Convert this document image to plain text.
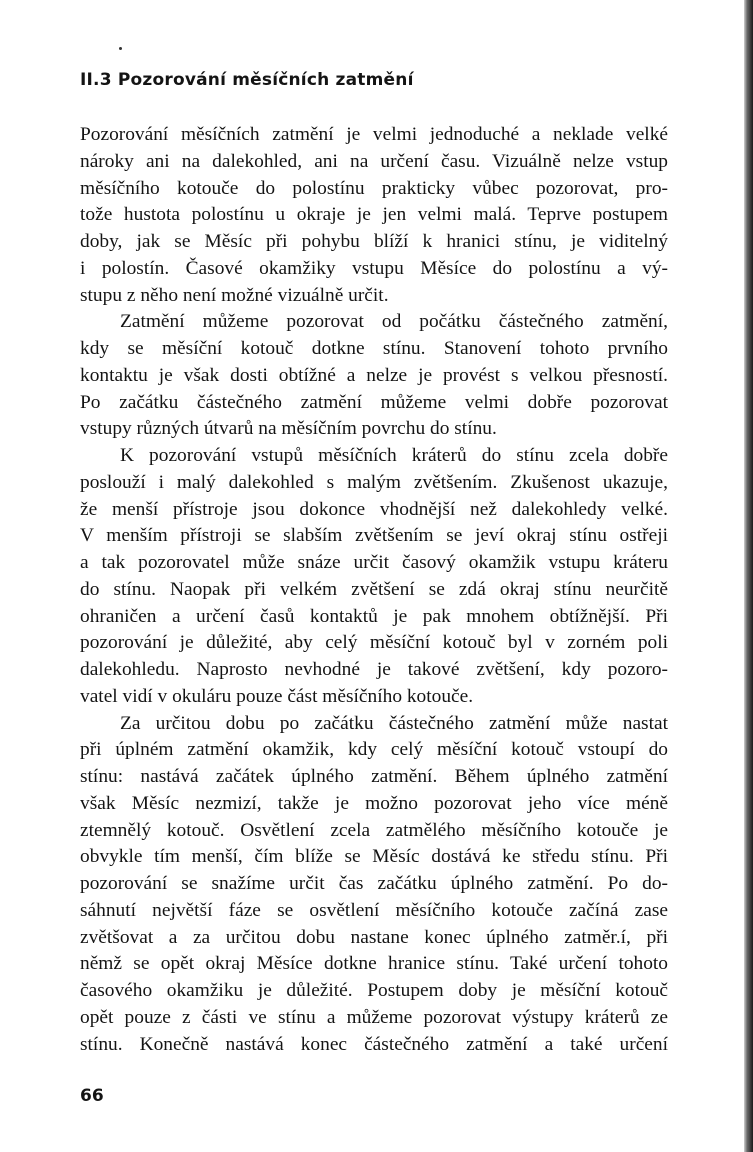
II.3 Pozorování měsíčních zatmění
Pozorování měsíčních zatmění je velmi jednoduché a neklade velké
nároky ani na dalekohled, ani na určení času. Vizuálně nelze vstup
měsíčního kotouče do polostínu prakticky vůbec pozorovat, pro-
tože hustota polostínu u okraje je jen velmi malá. Teprve postupem
doby, jak se Měsíc při pohybu blíží k hranici stínu, je viditelný
i polostín. Časové okamžiky vstupu Měsíce do polostínu a vý-
stupu z něho není možné vizuálně určit.
Zatmění můžeme pozorovat od počátku částečného zatmění,
kdy se měsíční kotouč dotkne stínu. Stanovení tohoto prvního
kontaktu je však dosti obtížné a nelze je provést s velkou přesností.
Po začátku částečného zatmění můžeme velmi dobře pozorovat
vstupy různých útvarů na měsíčním povrchu do stínu.
K pozorování vstupů měsíčních kráterů do stínu zcela dobře
poslouží i malý dalekohled s malým zvětšením. Zkušenost ukazuje,
že menší přístroje jsou dokonce vhodnější než dalekohledy velké.
V menším přístroji se slabším zvětšením se jeví okraj stínu ostřeji
a tak pozorovatel může snáze určit časový okamžik vstupu kráteru
do stínu. Naopak při velkém zvětšení se zdá okraj stínu neurčitě
ohraničen a určení časů kontaktů je pak mnohem obtížnější. Při
pozorování je důležité, aby celý měsíční kotouč byl v zorném poli
dalekohledu. Naprosto nevhodné je takové zvětšení, kdy pozoro-
vatel vidí v okuláru pouze část měsíčního kotouče.
Za určitou dobu po začátku částečného zatmění může nastat
při úplném zatmění okamžik, kdy celý měsíční kotouč vstoupí do
stínu: nastává začátek úplného zatmění. Během úplného zatmění
však Měsíc nezmizí, takže je možno pozorovat jeho více méně
ztemnělý kotouč. Osvětlení zcela zatmělého měsíčního kotouče je
obvykle tím menší, čím blíže se Měsíc dostává ke středu stínu. Při
pozorování se snažíme určit čas začátku úplného zatmění. Po do-
sáhnutí největší fáze se osvětlení měsíčního kotouče začíná zase
zvětšovat a za určitou dobu nastane konec úplného zatměr.í, při
němž se opět okraj Měsíce dotkne hranice stínu. Také určení tohoto
časového okamžiku je důležité. Postupem doby je měsíční kotouč
opět pouze z části ve stínu a můžeme pozorovat výstupy kráterů ze
stínu. Konečně nastává konec částečného zatmění a také určení

66
